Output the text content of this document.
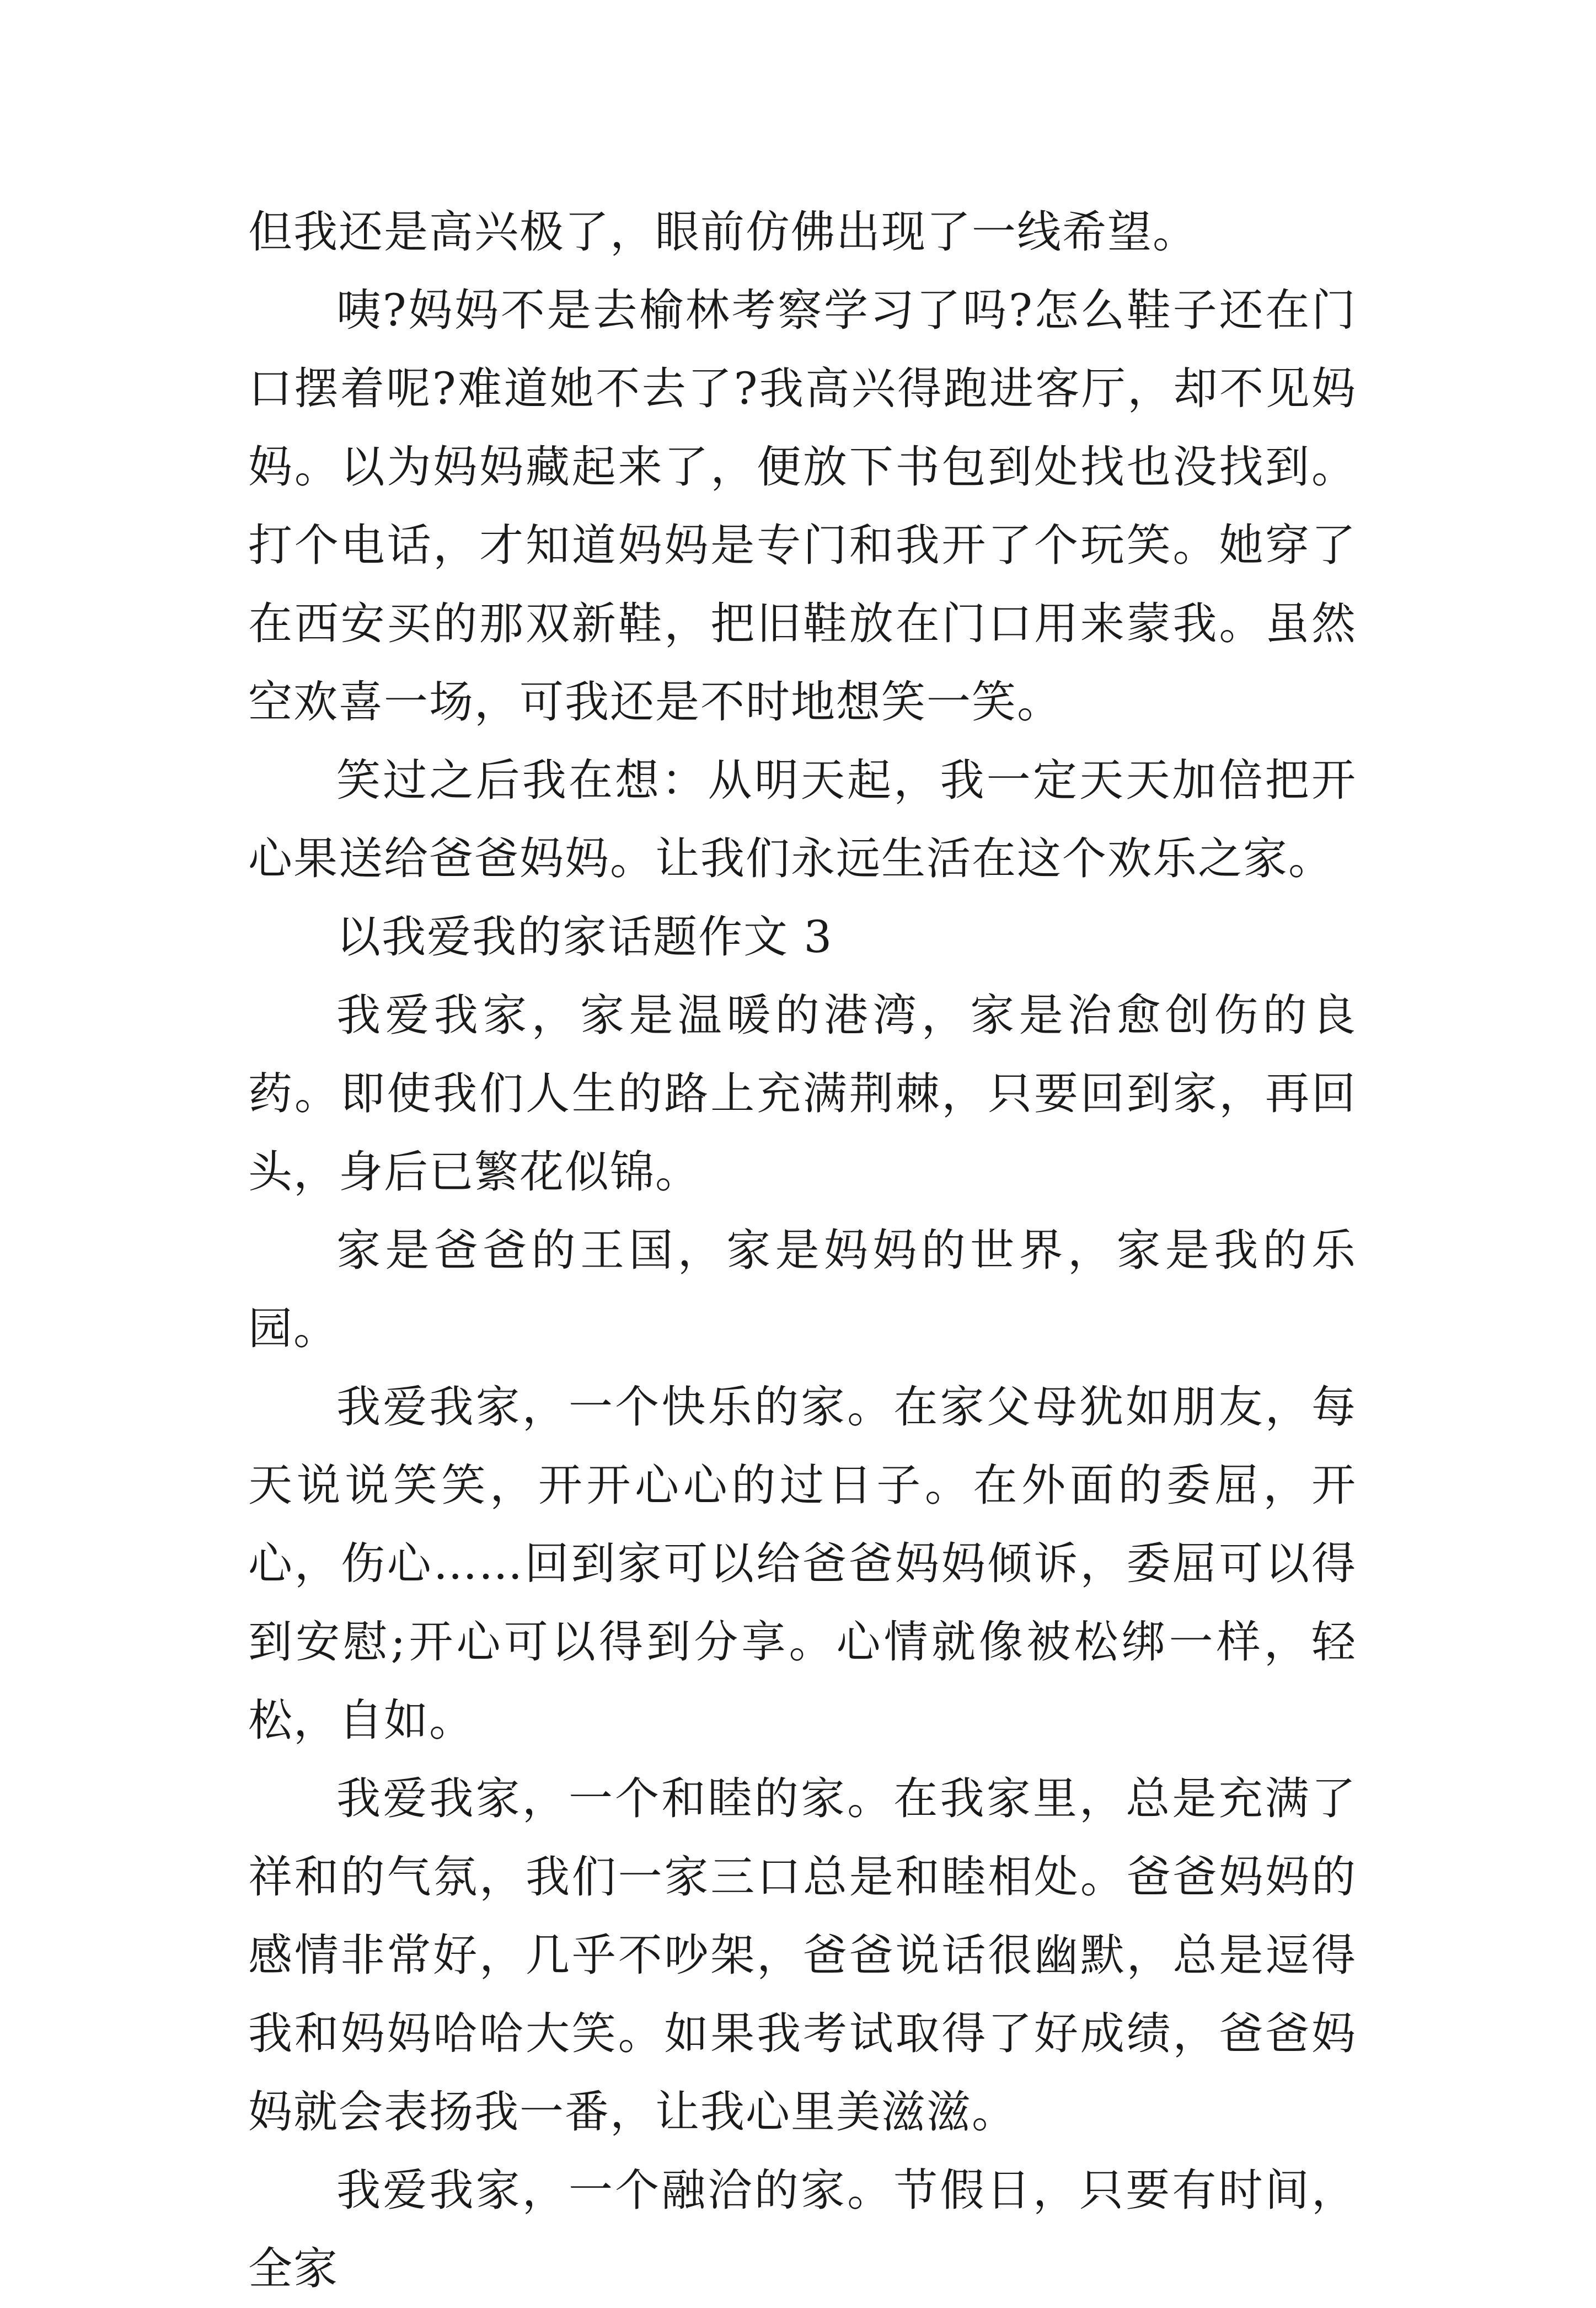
但我还是高兴极了，眼前仿佛出现了一线希望。

咦?妈妈不是去榆林考察学习了吗?怎么鞋子还在门口摆着呢?难道她不去了?我高兴得跑进客厅，却不见妈妈。以为妈妈藏起来了，便放下书包到处找也没找到。打个电话，才知道妈妈是专门和我开了个玩笑。她穿了在西安买的那双新鞋，把旧鞋放在门口用来蒙我。虽然空欢喜一场，可我还是不时地想笑一笑。

笑过之后我在想：从明天起，我一定天天加倍把开心果送给爸爸妈妈。让我们永远生活在这个欢乐之家。

以我爱我的家话题作文 3

我爱我家，家是温暖的港湾，家是治愈创伤的良药。即使我们人生的路上充满荆棘，只要回到家，再回头，身后已繁花似锦。

家是爸爸的王国，家是妈妈的世界，家是我的乐园。

我爱我家，一个快乐的家。在家父母犹如朋友，每天说说笑笑，开开心心的过日子。在外面的委屈，开心，伤心……回到家可以给爸爸妈妈倾诉，委屈可以得到安慰;开心可以得到分享。心情就像被松绑一样，轻松，自如。

我爱我家，一个和睦的家。在我家里，总是充满了祥和的气氛，我们一家三口总是和睦相处。爸爸妈妈的感情非常好，几乎不吵架，爸爸说话很幽默，总是逗得我和妈妈哈哈大笑。如果我考试取得了好成绩，爸爸妈妈就会表扬我一番，让我心里美滋滋。

我爱我家，一个融洽的家。节假日，只要有时间，全家
